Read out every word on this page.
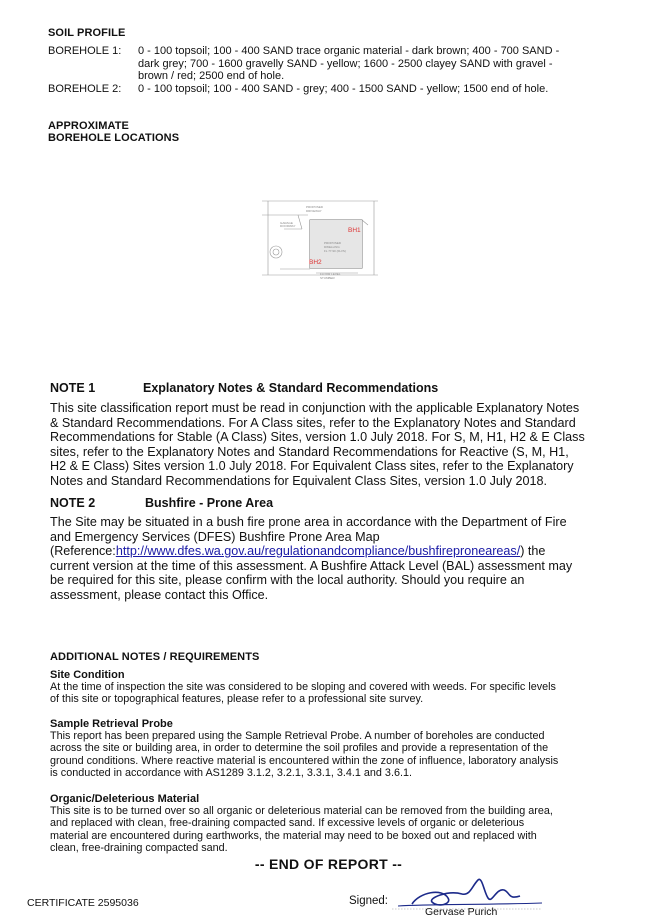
SOIL PROFILE
BOREHOLE 1: 0 - 100 topsoil; 100 - 400 SAND trace organic material - dark brown; 400 - 700 SAND -
dark grey; 700 - 1600 gravelly SAND - yellow; 1600 - 2500 clayey SAND with gravel -
brown / red; 2500 end of hole.
BOREHOLE 2: 0 - 100 topsoil; 100 - 400 SAND - grey; 400 - 1500 SAND - yellow; 1500 end of hole.
APPROXIMATE
BOREHOLE LOCATIONS
PROPOSED
DRIVEWAY
GARAGE
DOORWAY
PROPOSED
DWELLING
FL 77.90 (FLVS)
FLOOR LEVEL
STUMBER
BH1
BH2
NOTE 1	Explanatory Notes & Standard Recommendations
This site classification report must be read in conjunction with the applicable Explanatory Notes
& Standard Recommendations. For A Class sites, refer to the Explanatory Notes and Standard
Recommendations for Stable (A Class) Sites, version 1.0 July 2018. For S, M, H1, H2 & E Class
sites, refer to the Explanatory Notes and Standard Recommendations for Reactive (S, M, H1,
H2 & E Class) Sites version 1.0 July 2018. For Equivalent Class sites, refer to the Explanatory
Notes and Standard Recommendations for Equivalent Class Sites, version 1.0 July 2018.
NOTE 2	Bushfire - Prone Area
The Site may be situated in a bush fire prone area in accordance with the Department of Fire
and Emergency Services (DFES) Bushfire Prone Area Map
(Reference:http://www.dfes.wa.gov.au/regulationandcompliance/bushfireproneareas/) the
current version at the time of this assessment. A Bushfire Attack Level (BAL) assessment may
be required for this site, please confirm with the local authority. Should you require an
assessment, please contact this Office.
ADDITIONAL NOTES / REQUIREMENTS
Site Condition
At the time of inspection the site was considered to be sloping and covered with weeds. For specific levels
of this site or topographical features, please refer to a professional site survey.
Sample Retrieval Probe
This report has been prepared using the Sample Retrieval Probe. A number of boreholes are conducted
across the site or building area, in order to determine the soil profiles and provide a representation of the
ground conditions. Where reactive material is encountered within the zone of influence, laboratory analysis
is conducted in accordance with AS1289 3.1.2, 3.2.1, 3.3.1, 3.4.1 and 3.6.1.
Organic/Deleterious Material
This site is to be turned over so all organic or deleterious material can be removed from the building area,
and replaced with clean, free-draining compacted sand. If excessive levels of organic or deleterious
material are encountered during earthworks, the material may need to be boxed out and replaced with
clean, free-draining compacted sand.
-- END OF REPORT --
CERTIFICATE 2595036	Signed:
Gervase Purich
